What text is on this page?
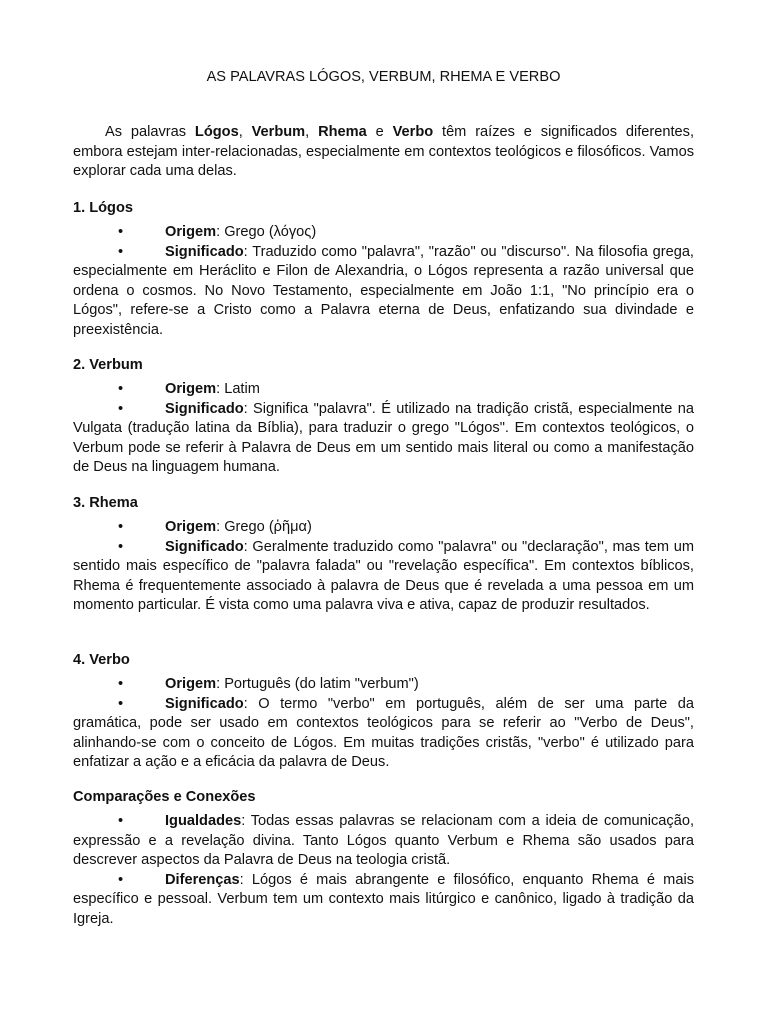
AS PALAVRAS LÓGOS, VERBUM, RHEMA E VERBO

As palavras Lógos, Verbum, Rhema e Verbo têm raízes e significados diferentes, embora estejam inter-relacionadas, especialmente em contextos teológicos e filosóficos. Vamos explorar cada uma delas.

1. Lógos

•	Origem: Grego (λόγος)

•	Significado: Traduzido como "palavra", "razão" ou "discurso". Na filosofia grega, especialmente em Heráclito e Filon de Alexandria, o Lógos representa a razão universal que ordena o cosmos. No Novo Testamento, especialmente em João 1:1, "No princípio era o Lógos", refere-se a Cristo como a Palavra eterna de Deus, enfatizando sua divindade e preexistência.

2. Verbum

•	Origem: Latim

•	Significado: Significa "palavra". É utilizado na tradição cristã, especialmente na Vulgata (tradução latina da Bíblia), para traduzir o grego "Lógos". Em contextos teológicos, o Verbum pode se referir à Palavra de Deus em um sentido mais literal ou como a manifestação de Deus na linguagem humana.

3. Rhema

•	Origem: Grego (ῥῆμα)

•	Significado: Geralmente traduzido como "palavra" ou "declaração", mas tem um sentido mais específico de "palavra falada" ou "revelação específica". Em contextos bíblicos, Rhema é frequentemente associado à palavra de Deus que é revelada a uma pessoa em um momento particular. É vista como uma palavra viva e ativa, capaz de produzir resultados.

4. Verbo

•	Origem: Português (do latim "verbum")

•	Significado: O termo "verbo" em português, além de ser uma parte da gramática, pode ser usado em contextos teológicos para se referir ao "Verbo de Deus", alinhando-se com o conceito de Lógos. Em muitas tradições cristãs, "verbo" é utilizado para enfatizar a ação e a eficácia da palavra de Deus.

Comparações e Conexões

•	Igualdades: Todas essas palavras se relacionam com a ideia de comunicação, expressão e a revelação divina. Tanto Lógos quanto Verbum e Rhema são usados para descrever aspectos da Palavra de Deus na teologia cristã.

•	Diferenças: Lógos é mais abrangente e filosófico, enquanto Rhema é mais específico e pessoal. Verbum tem um contexto mais litúrgico e canônico, ligado à tradição da Igreja.
